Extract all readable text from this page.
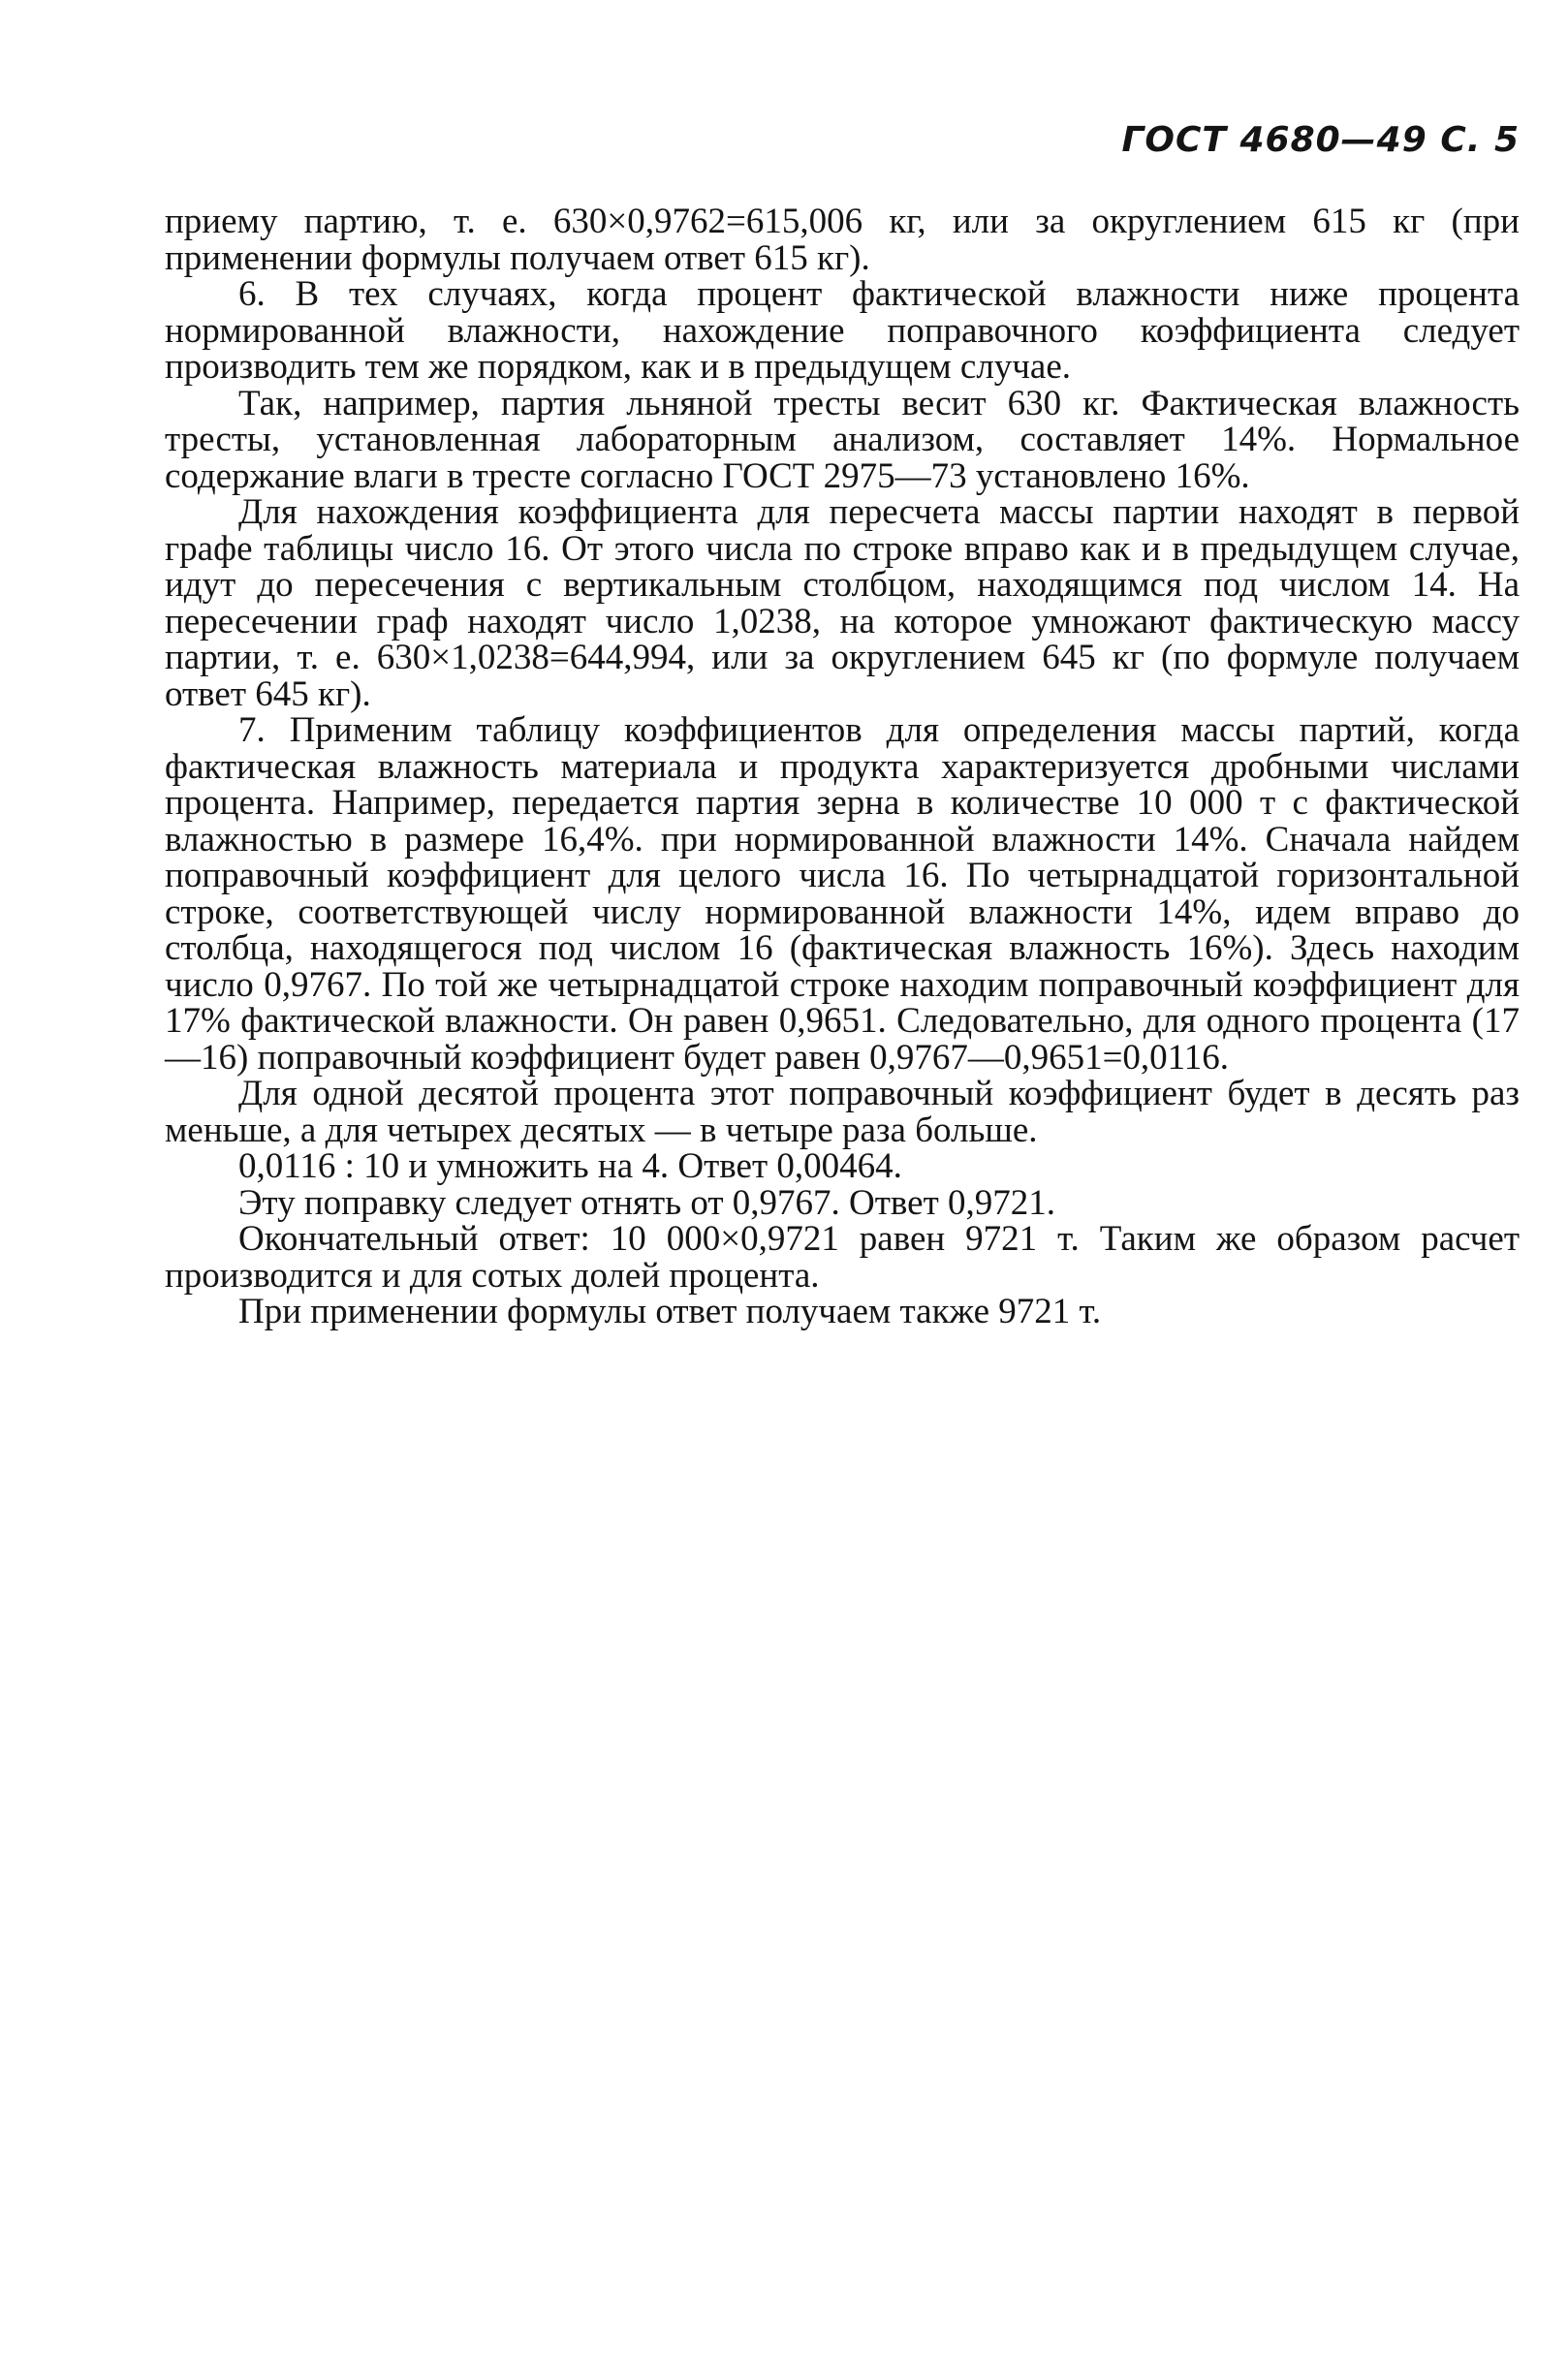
ГОСТ 4680—49 С. 5

приему партию, т. е. 630×0,9762=615,006 кг, или за округлением 615 кг (при применении формулы получаем ответ 615 кг).

6. В тех случаях, когда процент фактической влажности ниже процента нормированной влажности, нахождение поправочного коэффициента следует производить тем же порядком, как и в предыдущем случае.

Так, например, партия льняной тресты весит 630 кг. Фактическая влажность тресты, установленная лабораторным анализом, составляет 14%. Нормальное содержание влаги в тресте согласно ГОСТ 2975—73 установлено 16%.

Для нахождения коэффициента для пересчета массы партии находят в первой графе таблицы число 16. От этого числа по строке вправо как и в предыдущем случае, идут до пересечения с вертикальным столбцом, находящимся под числом 14. На пересечении граф находят число 1,0238, на которое умножают фактическую массу партии, т. е. 630×1,0238=644,994, или за округлением 645 кг (по формуле получаем ответ 645 кг).

7. Применим таблицу коэффициентов для определения массы партий, когда фактическая влажность материала и продукта характеризуется дробными числами процента. Например, передается партия зерна в количестве 10 000 т с фактической влажностью в размере 16,4%. при нормированной влажности 14%. Сначала найдем поправочный коэффициент для целого числа 16. По четырнадцатой горизонтальной строке, соответствующей числу нормированной влажности 14%, идем вправо до столбца, находящегося под числом 16 (фактическая влажность 16%). Здесь находим число 0,9767. По той же четырнадцатой строке находим поправочный коэффициент для 17% фактической влажности. Он равен 0,9651. Следовательно, для одного процента (17—16) поправочный коэффициент будет равен 0,9767—0,9651=0,0116.

Для одной десятой процента этот поправочный коэффициент будет в десять раз меньше, а для четырех десятых — в четыре раза больше.

0,0116 : 10 и умножить на 4. Ответ 0,00464.

Эту поправку следует отнять от 0,9767. Ответ 0,9721.

Окончательный ответ: 10 000×0,9721 равен 9721 т. Таким же образом расчет производится и для сотых долей процента.

При применении формулы ответ получаем также 9721 т.
